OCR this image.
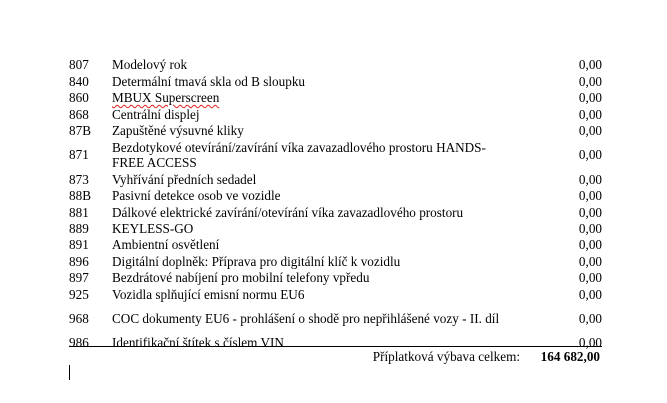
807	Modelový rok	0,00
840	Determální tmavá skla od B sloupku	0,00
860	MBUX Superscreen	0,00
868	Centrální displej	0,00
87B	Zapuštěné výsuvné kliky	0,00
871	Bezdotykové otevírání/zavírání víka zavazadlového prostoru HANDS-FREE ACCESS	0,00
873	Vyhřívání předních sedadel	0,00
88B	Pasivní detekce osob ve vozidle	0,00
881	Dálkové elektrické zavírání/otevírání víka zavazadlového prostoru	0,00
889	KEYLESS-GO	0,00
891	Ambientní osvětlení	0,00
896	Digitální doplněk: Příprava pro digitální klíč k vozidlu	0,00
897	Bezdrátové nabíjení pro mobilní telefony vpředu	0,00
925	Vozidla splňující emisní normu EU6	0,00
968	COC dokumenty EU6 - prohlášení o shodě pro nepřihlášené vozy - II. díl	0,00
986	Identifikační štítek s číslem VIN	0,00
Příplatková výbava celkem: 164 682,00
